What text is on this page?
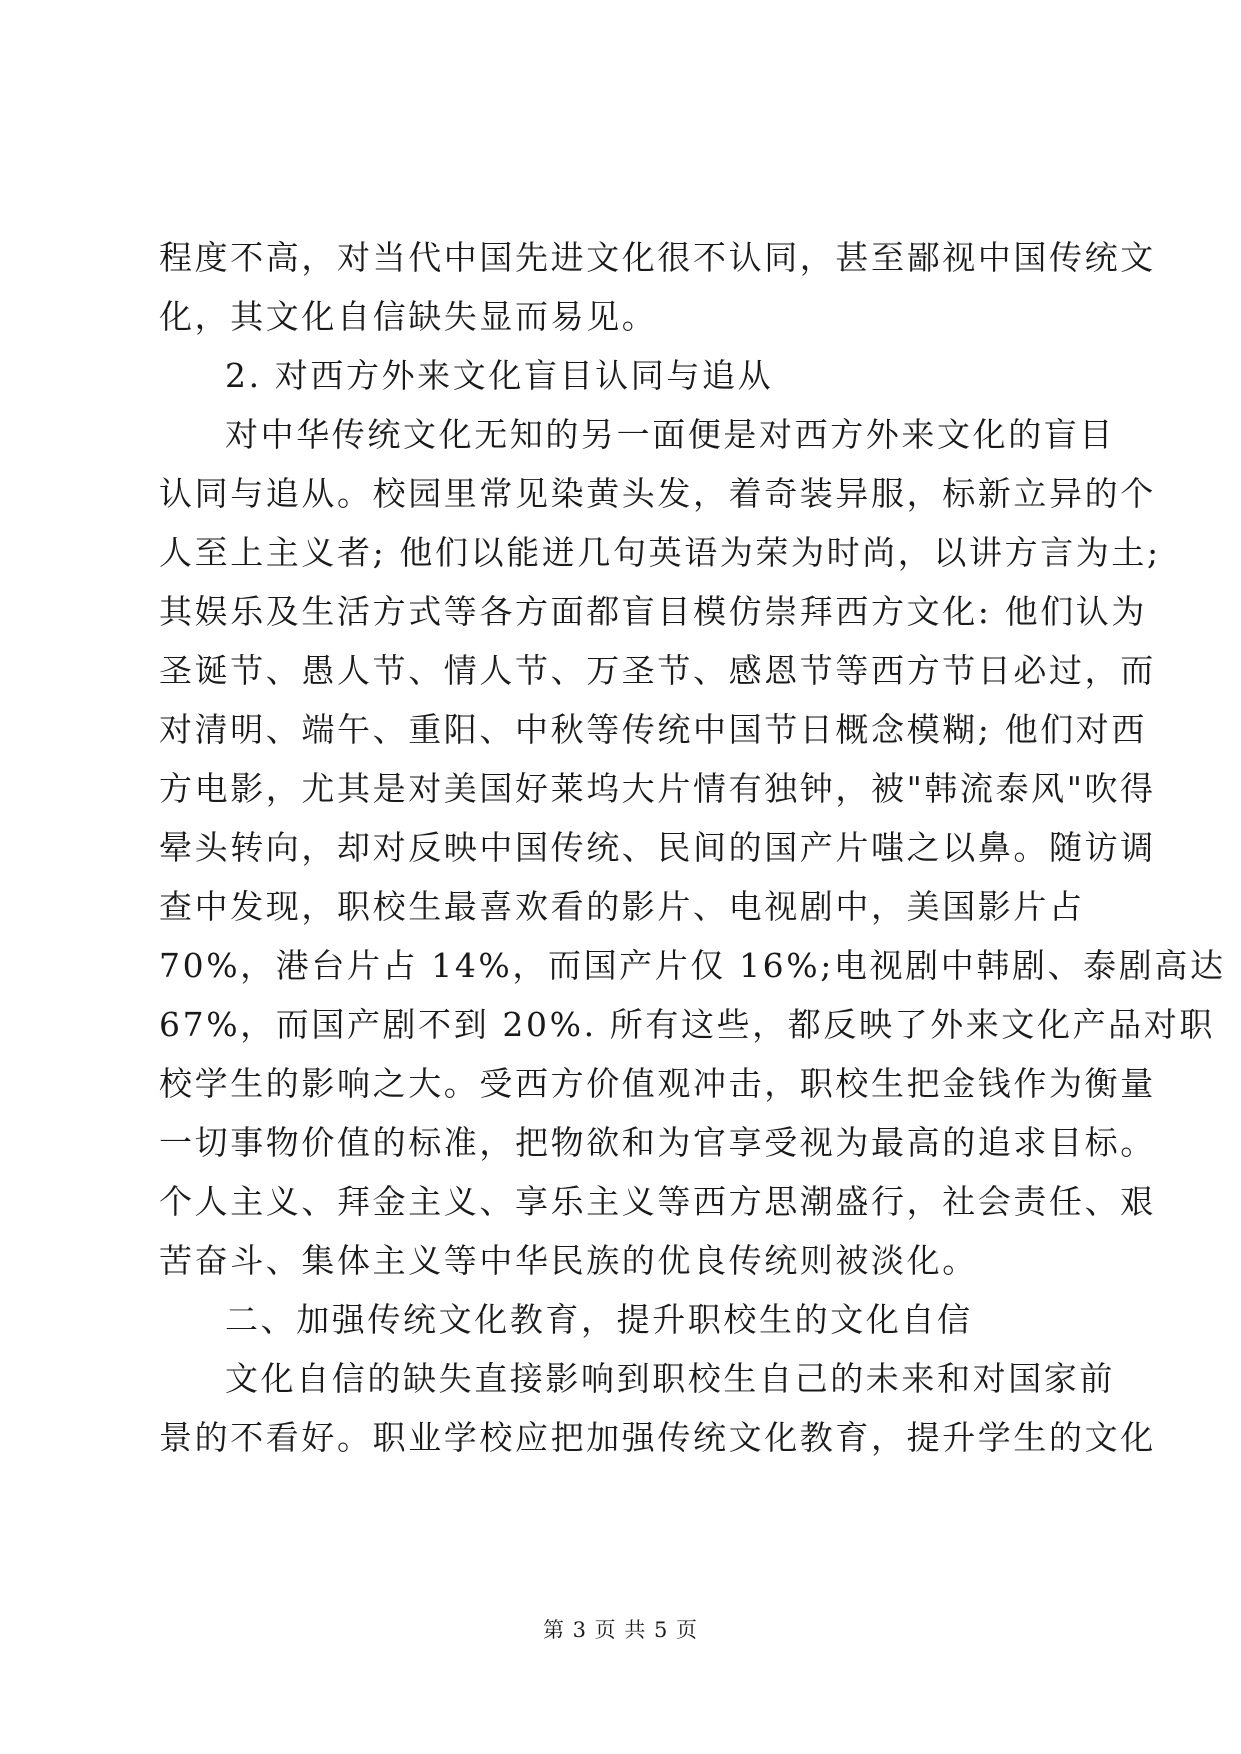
程度不高，对当代中国先进文化很不认同，甚至鄙视中国传统文

化，其文化自信缺失显而易见。

2. 对西方外来文化盲目认同与追从

对中华传统文化无知的另一面便是对西方外来文化的盲目

认同与追从。校园里常见染黄头发，着奇装异服，标新立异的个

人至上主义者; 他们以能迸几句英语为荣为时尚，以讲方言为土;

其娱乐及生活方式等各方面都盲目模仿崇拜西方文化: 他们认为

圣诞节、愚人节、情人节、万圣节、感恩节等西方节日必过，而

对清明、端午、重阳、中秋等传统中国节日概念模糊; 他们对西

方电影，尤其是对美国好莱坞大片情有独钟，被"韩流泰风"吹得

晕头转向，却对反映中国传统、民间的国产片嗤之以鼻。随访调

查中发现，职校生最喜欢看的影片、电视剧中，美国影片占

70%，港台片占 14%，而国产片仅 16%;电视剧中韩剧、泰剧高达

67%，而国产剧不到 20%. 所有这些，都反映了外来文化产品对职

校学生的影响之大。受西方价值观冲击，职校生把金钱作为衡量

一切事物价值的标准，把物欲和为官享受视为最高的追求目标。

个人主义、拜金主义、享乐主义等西方思潮盛行，社会责任、艰

苦奋斗、集体主义等中华民族的优良传统则被淡化。

二、加强传统文化教育，提升职校生的文化自信

文化自信的缺失直接影响到职校生自己的未来和对国家前

景的不看好。职业学校应把加强传统文化教育，提升学生的文化

第 3 页 共 5 页
